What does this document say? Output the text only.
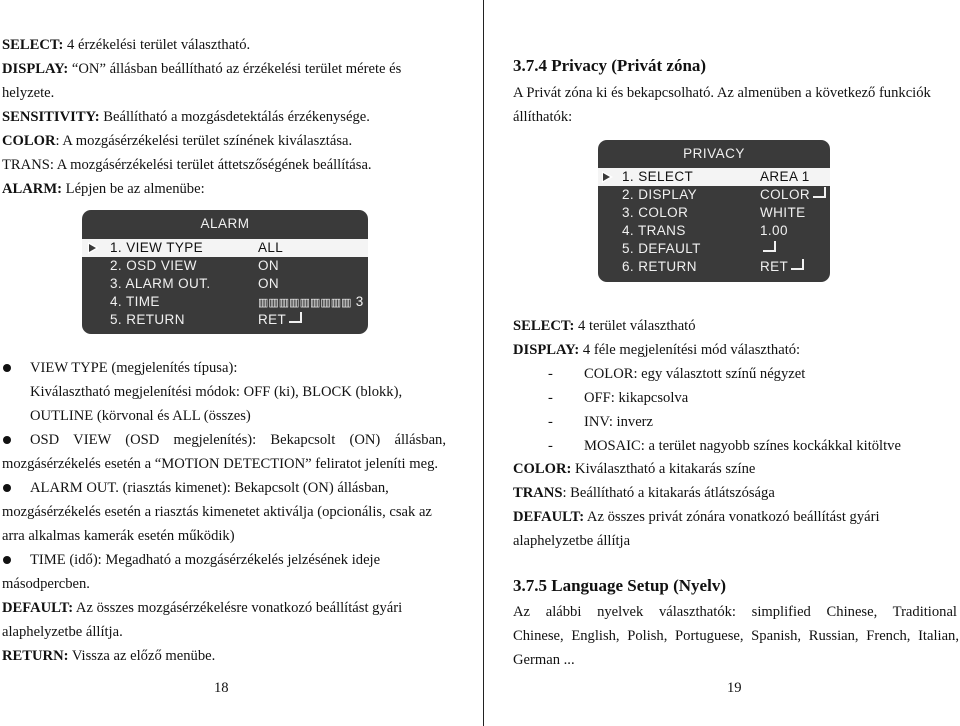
SELECT: 4 érzékelési terület választható.
DISPLAY: “ON” állásban beállítható az érzékelési terület mérete és
helyzete.
SENSITIVITY: Beállítható a mozgásdetektálás érzékenysége.
COLOR: A mozgásérzékelési terület színének kiválasztása.
TRANS: A mozgásérzékelési terület áttetszőségének beállítása.
ALARM: Lépjen be az almenübe:
ALARM
1. VIEW TYPE	ALL
2. OSD VIEW	ON
3. ALARM OUT.	ON
4. TIME	▥▥▥▥▥▥▥▥▥ 3
5. RETURN	RET
VIEW TYPE (megjelenítés típusa):
Kiválasztható megjelenítési módok: OFF (ki), BLOCK (blokk),
OUTLINE (körvonal és ALL (összes)
OSD VIEW (OSD megjelenítés): Bekapcsolt (ON) állásban,
mozgásérzékelés esetén a “MOTION DETECTION” feliratot jeleníti meg.
ALARM OUT. (riasztás kimenet): Bekapcsolt (ON) állásban,
mozgásérzékelés esetén a riasztás kimenetet aktiválja (opcionális, csak az
arra alkalmas kamerák esetén működik)
TIME (idő): Megadható a mozgásérzékelés jelzésének ideje
másodpercben.
DEFAULT: Az összes mozgásérzékelésre vonatkozó beállítást gyári
alaphelyzetbe állítja.
RETURN: Vissza az előző menübe.
18
3.7.4 Privacy (Privát zóna)
A Privát zóna ki és bekapcsolható. Az almenüben a következő funkciók
állíthatók:
PRIVACY
1. SELECT	AREA 1
2. DISPLAY	COLOR
3. COLOR	WHITE
4. TRANS	1.00
5. DEFAULT
6. RETURN	RET
SELECT: 4 terület választható
DISPLAY: 4 féle megjelenítési mód választható:
- COLOR: egy választott színű négyzet
- OFF: kikapcsolva
- INV: inverz
- MOSAIC: a terület nagyobb színes kockákkal kitöltve
COLOR: Kiválasztható a kitakarás színe
TRANS: Beállítható a kitakarás átlátszósága
DEFAULT: Az összes privát zónára vonatkozó beállítást gyári
alaphelyzetbe állítja
3.7.5 Language Setup (Nyelv)
Az alábbi nyelvek választhatók: simplified Chinese, Traditional
Chinese, English, Polish, Portuguese, Spanish, Russian, French, Italian,
German ...
19
